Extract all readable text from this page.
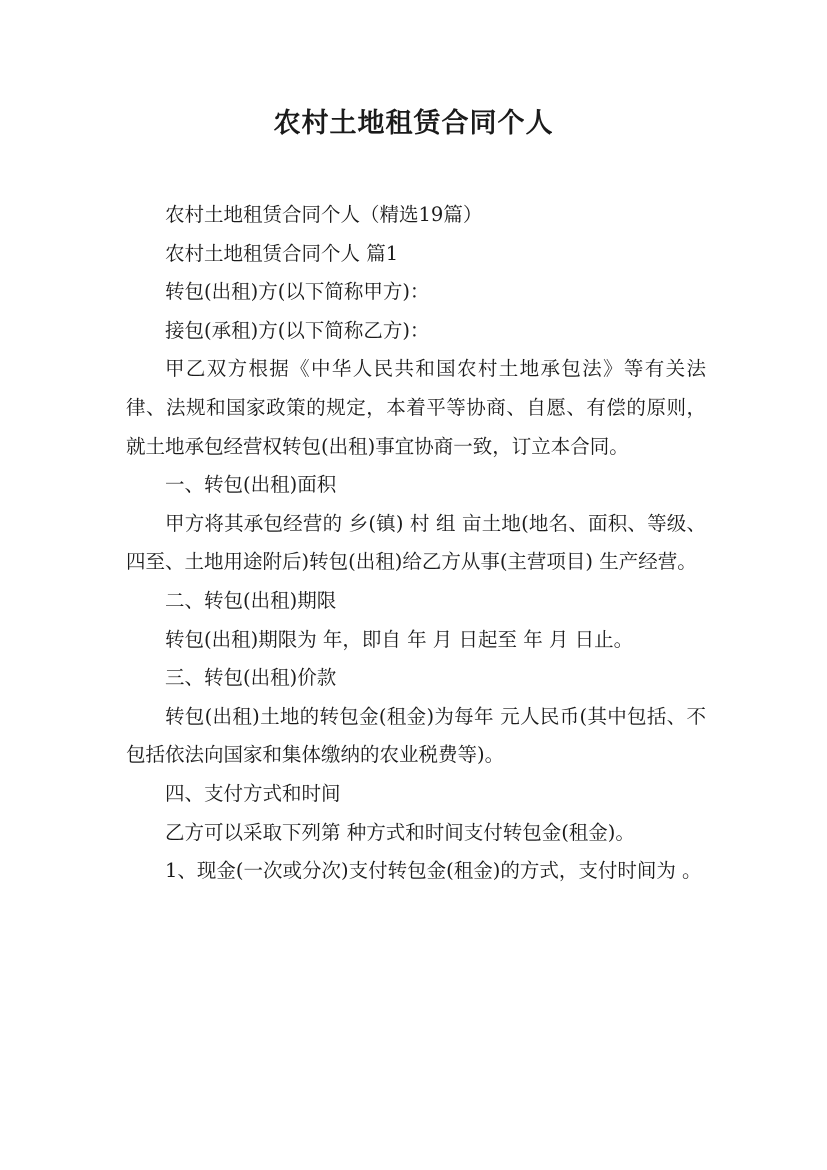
农村土地租赁合同个人

农村土地租赁合同个人（精选19篇）

农村土地租赁合同个人 篇1

转包(出租)方(以下简称甲方)：

接包(承租)方(以下简称乙方)：

甲乙双方根据《中华人民共和国农村土地承包法》等有关法律、法规和国家政策的规定，本着平等协商、自愿、有偿的原则，就土地承包经营权转包(出租)事宜协商一致，订立本合同。

一、转包(出租)面积

甲方将其承包经营的 乡(镇) 村 组 亩土地(地名、面积、等级、四至、土地用途附后)转包(出租)给乙方从事(主营项目) 生产经营。

二、转包(出租)期限

转包(出租)期限为 年，即自 年 月 日起至 年 月 日止。

三、转包(出租)价款

转包(出租)土地的转包金(租金)为每年 元人民币(其中包括、不包括依法向国家和集体缴纳的农业税费等)。

四、支付方式和时间

乙方可以采取下列第 种方式和时间支付转包金(租金)。

1、现金(一次或分次)支付转包金(租金)的方式，支付时间为 。
